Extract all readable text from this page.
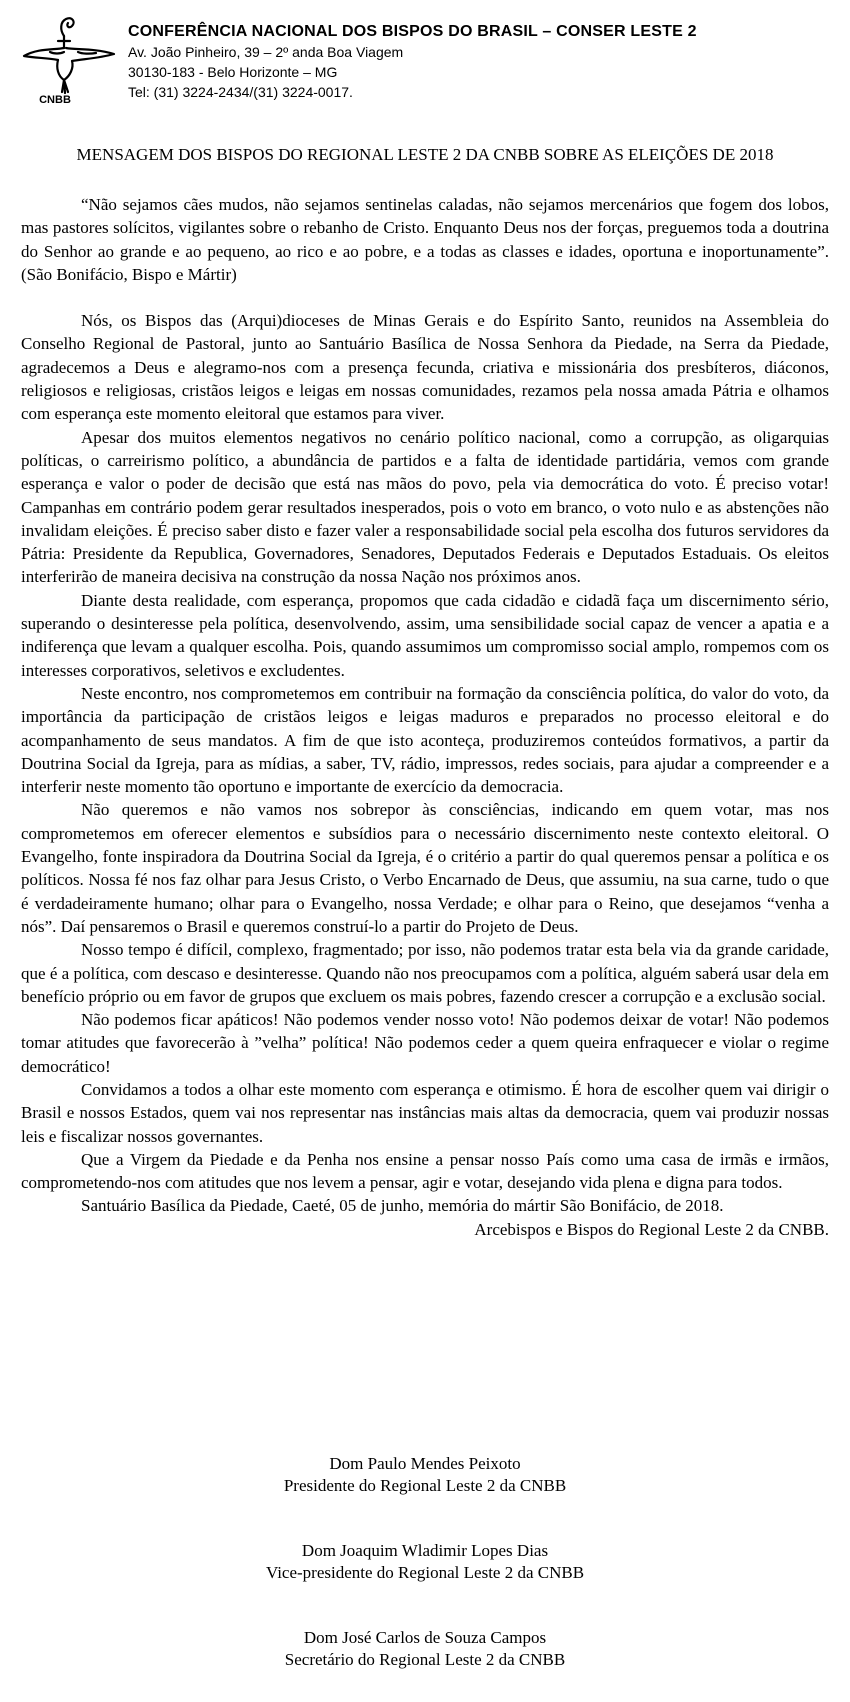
CNBB
CONFERÊNCIA NACIONAL DOS BISPOS DO BRASIL – CONSER LESTE 2
Av. João Pinheiro, 39 – 2º anda Boa Viagem
30130-183 - Belo Horizonte – MG
Tel: (31) 3224-2434/(31) 3224-0017.
MENSAGEM DOS BISPOS DO REGIONAL LESTE 2 DA CNBB SOBRE AS ELEIÇÕES DE 2018

“Não sejamos cães mudos, não sejamos sentinelas caladas, não sejamos mercenários que fogem dos lobos, mas pastores solícitos, vigilantes sobre o rebanho de Cristo. Enquanto Deus nos der forças, preguemos toda a doutrina do Senhor ao grande e ao pequeno, ao rico e ao pobre, e a todas as classes e idades, oportuna e inoportunamente”. (São Bonifácio, Bispo e Mártir)

Nós, os Bispos das (Arqui)dioceses de Minas Gerais e do Espírito Santo, reunidos na Assembleia do Conselho Regional de Pastoral, junto ao Santuário Basílica de Nossa Senhora da Piedade, na Serra da Piedade, agradecemos a Deus e alegramo-nos com a presença fecunda, criativa e missionária dos presbíteros, diáconos, religiosos e religiosas, cristãos leigos e leigas em nossas comunidades, rezamos pela nossa amada Pátria e olhamos com esperança este momento eleitoral que estamos para viver.

Apesar dos muitos elementos negativos no cenário político nacional, como a corrupção, as oligarquias políticas, o carreirismo político, a abundância de partidos e a falta de identidade partidária, vemos com grande esperança e valor o poder de decisão que está nas mãos do povo, pela via democrática do voto. É preciso votar! Campanhas em contrário podem gerar resultados inesperados, pois o voto em branco, o voto nulo e as abstenções não invalidam eleições. É preciso saber disto e fazer valer a responsabilidade social pela escolha dos futuros servidores da Pátria: Presidente da Republica, Governadores, Senadores, Deputados Federais e Deputados Estaduais. Os eleitos interferirão de maneira decisiva na construção da nossa Nação nos próximos anos.

Diante desta realidade, com esperança, propomos que cada cidadão e cidadã faça um discernimento sério, superando o desinteresse pela política, desenvolvendo, assim, uma sensibilidade social capaz de vencer a apatia e a indiferença que levam a qualquer escolha. Pois, quando assumimos um compromisso social amplo, rompemos com os interesses corporativos, seletivos e excludentes.

Neste encontro, nos comprometemos em contribuir na formação da consciência política, do valor do voto, da importância da participação de cristãos leigos e leigas maduros e preparados no processo eleitoral e do acompanhamento de seus mandatos. A fim de que isto aconteça, produziremos conteúdos formativos, a partir da Doutrina Social da Igreja, para as mídias, a saber, TV, rádio, impressos, redes sociais, para ajudar a compreender e a interferir neste momento tão oportuno e importante de exercício da democracia.

Não queremos e não vamos nos sobrepor às consciências, indicando em quem votar, mas nos comprometemos em oferecer elementos e subsídios para o necessário discernimento neste contexto eleitoral. O Evangelho, fonte inspiradora da Doutrina Social da Igreja, é o critério a partir do qual queremos pensar a política e os políticos. Nossa fé nos faz olhar para Jesus Cristo, o Verbo Encarnado de Deus, que assumiu, na sua carne, tudo o que é verdadeiramente humano; olhar para o Evangelho, nossa Verdade; e olhar para o Reino, que desejamos “venha a nós”. Daí pensaremos o Brasil e queremos construí-lo a partir do Projeto de Deus.

Nosso tempo é difícil, complexo, fragmentado; por isso, não podemos tratar esta bela via da grande caridade, que é a política, com descaso e desinteresse. Quando não nos preocupamos com a política, alguém saberá usar dela em benefício próprio ou em favor de grupos que excluem os mais pobres, fazendo crescer a corrupção e a exclusão social.

Não podemos ficar apáticos! Não podemos vender nosso voto! Não podemos deixar de votar! Não podemos tomar atitudes que favorecerão à ”velha” política! Não podemos ceder a quem queira enfraquecer e violar o regime democrático!

Convidamos a todos a olhar este momento com esperança e otimismo. É hora de escolher quem vai dirigir o Brasil e nossos Estados, quem vai nos representar nas instâncias mais altas da democracia, quem vai produzir nossas leis e fiscalizar nossos governantes.

Que a Virgem da Piedade e da Penha nos ensine a pensar nosso País como uma casa de irmãs e irmãos, comprometendo-nos com atitudes que nos levem a pensar, agir e votar, desejando vida plena e digna para todos.

Santuário Basílica da Piedade, Caeté, 05 de junho, memória do mártir São Bonifácio, de 2018.

Arcebispos e Bispos do Regional Leste 2 da CNBB.

Dom Paulo Mendes Peixoto
Presidente do Regional Leste 2 da CNBB
Dom Joaquim Wladimir Lopes Dias
Vice-presidente do Regional Leste 2 da CNBB
Dom José Carlos de Souza Campos
Secretário do Regional Leste 2 da CNBB
